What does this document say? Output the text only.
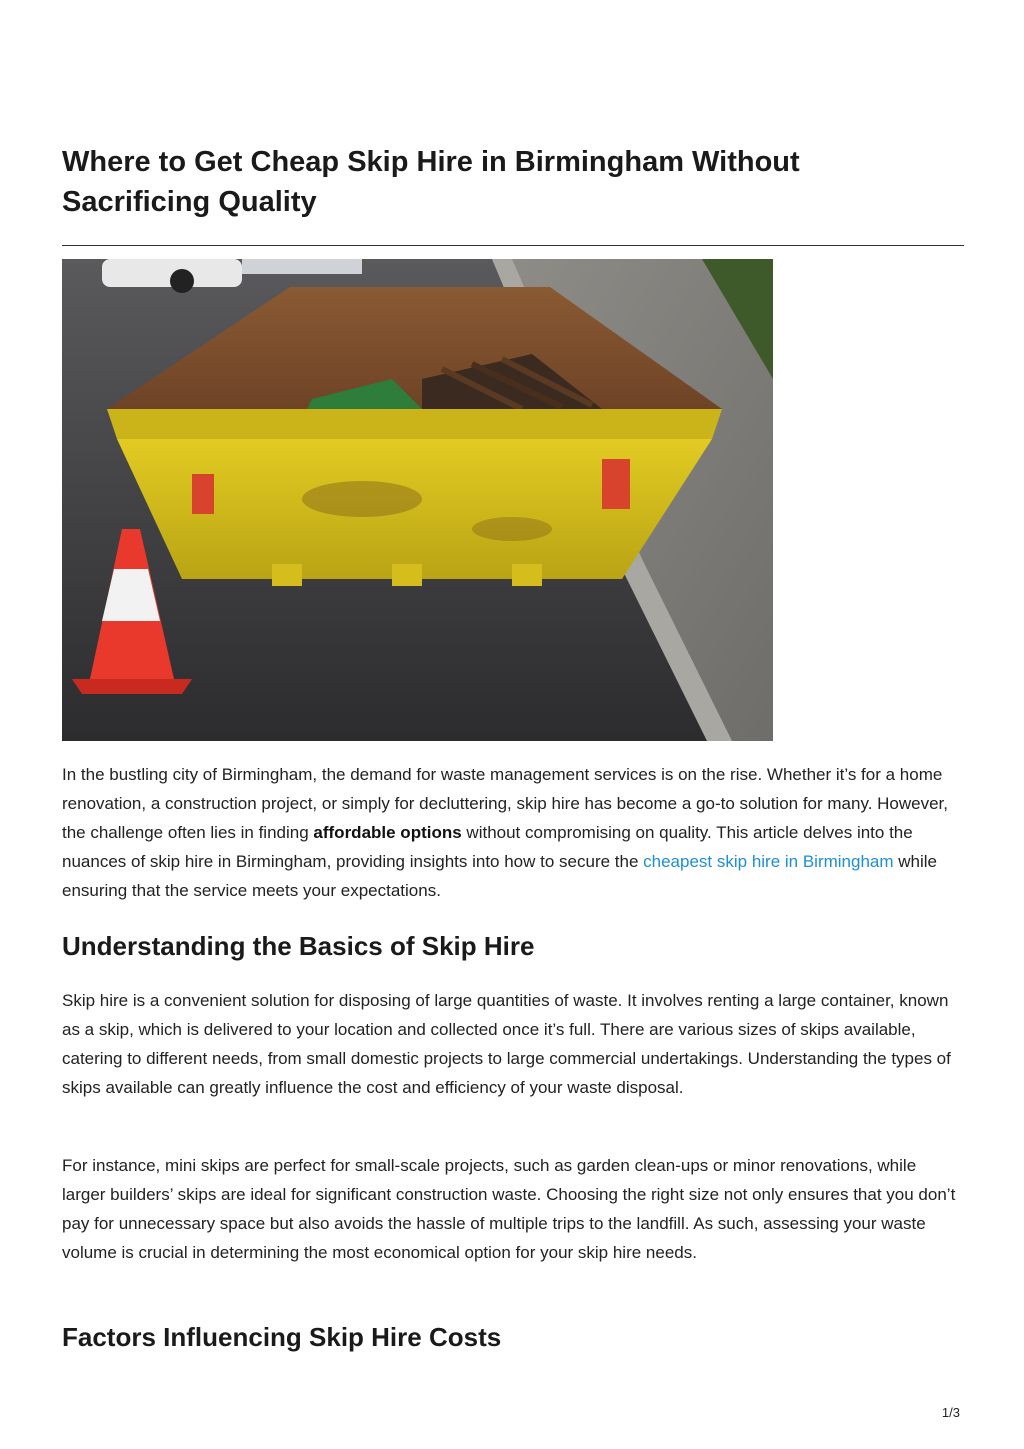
Where to Get Cheap Skip Hire in Birmingham Without Sacrificing Quality

In the bustling city of Birmingham, the demand for waste management services is on the rise. Whether it’s for a home renovation, a construction project, or simply for decluttering, skip hire has become a go-to solution for many. However, the challenge often lies in finding affordable options without compromising on quality. This article delves into the nuances of skip hire in Birmingham, providing insights into how to secure the cheapest skip hire in Birmingham while ensuring that the service meets your expectations.

Understanding the Basics of Skip Hire

Skip hire is a convenient solution for disposing of large quantities of waste. It involves renting a large container, known as a skip, which is delivered to your location and collected once it’s full. There are various sizes of skips available, catering to different needs, from small domestic projects to large commercial undertakings. Understanding the types of skips available can greatly influence the cost and efficiency of your waste disposal.

For instance, mini skips are perfect for small-scale projects, such as garden clean-ups or minor renovations, while larger builders’ skips are ideal for significant construction waste. Choosing the right size not only ensures that you don’t pay for unnecessary space but also avoids the hassle of multiple trips to the landfill. As such, assessing your waste volume is crucial in determining the most economical option for your skip hire needs.

Factors Influencing Skip Hire Costs
1/3
